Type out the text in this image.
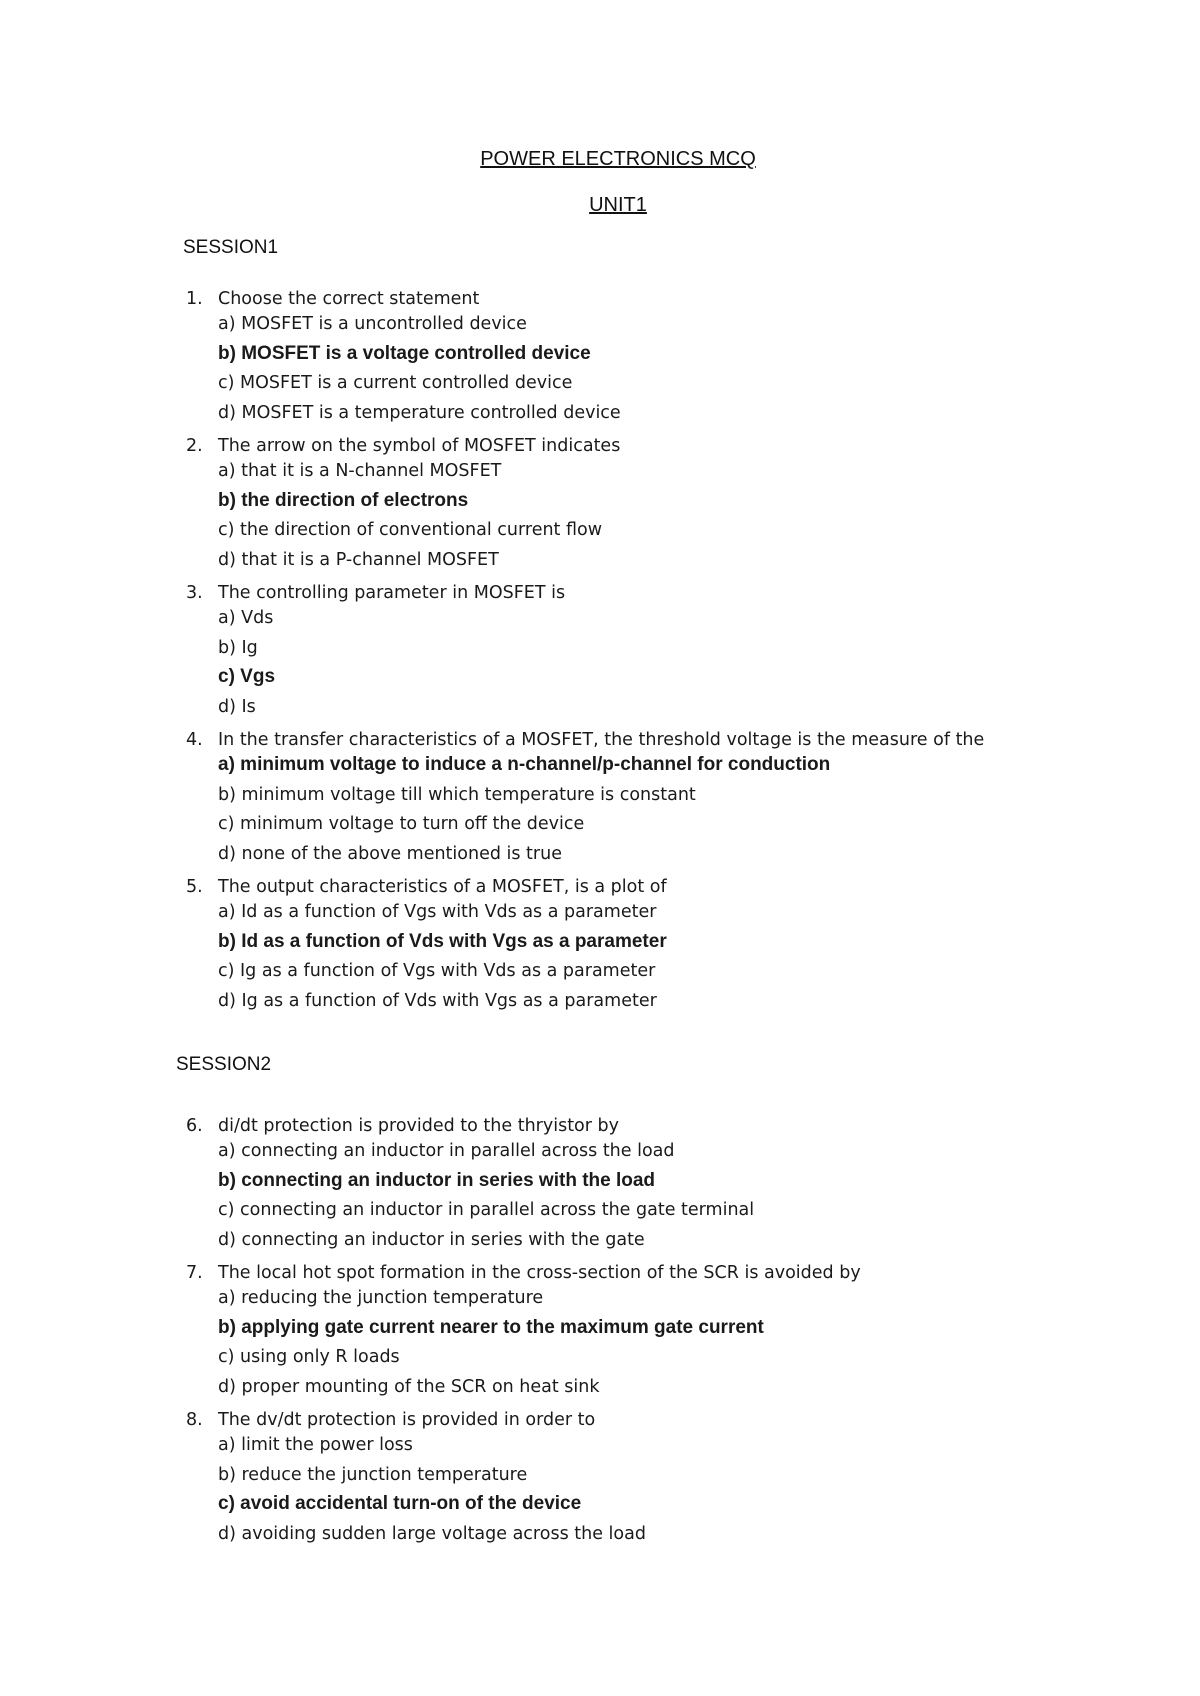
POWER ELECTRONICS MCQ
UNIT1
SESSION1
1. Choose the correct statement
a) MOSFET is a uncontrolled device
b) MOSFET is a voltage controlled device
c) MOSFET is a current controlled device
d) MOSFET is a temperature controlled device
2. The arrow on the symbol of MOSFET indicates
a) that it is a N-channel MOSFET
b) the direction of electrons
c) the direction of conventional current flow
d) that it is a P-channel MOSFET
3. The controlling parameter in MOSFET is
a) Vds
b) Ig
c) Vgs
d) Is
4. In the transfer characteristics of a MOSFET, the threshold voltage is the measure of the
a) minimum voltage to induce a n-channel/p-channel for conduction
b) minimum voltage till which temperature is constant
c) minimum voltage to turn off the device
d) none of the above mentioned is true
5. The output characteristics of a MOSFET, is a plot of
a) Id as a function of Vgs with Vds as a parameter
b) Id as a function of Vds with Vgs as a parameter
c) Ig as a function of Vgs with Vds as a parameter
d) Ig as a function of Vds with Vgs as a parameter
SESSION2
6. di/dt protection is provided to the thryistor by
a) connecting an inductor in parallel across the load
b) connecting an inductor in series with the load
c) connecting an inductor in parallel across the gate terminal
d) connecting an inductor in series with the gate
7. The local hot spot formation in the cross-section of the SCR is avoided by
a) reducing the junction temperature
b) applying gate current nearer to the maximum gate current
c) using only R loads
d) proper mounting of the SCR on heat sink
8. The dv/dt protection is provided in order to
a) limit the power loss
b) reduce the junction temperature
c) avoid accidental turn-on of the device
d) avoiding sudden large voltage across the load
